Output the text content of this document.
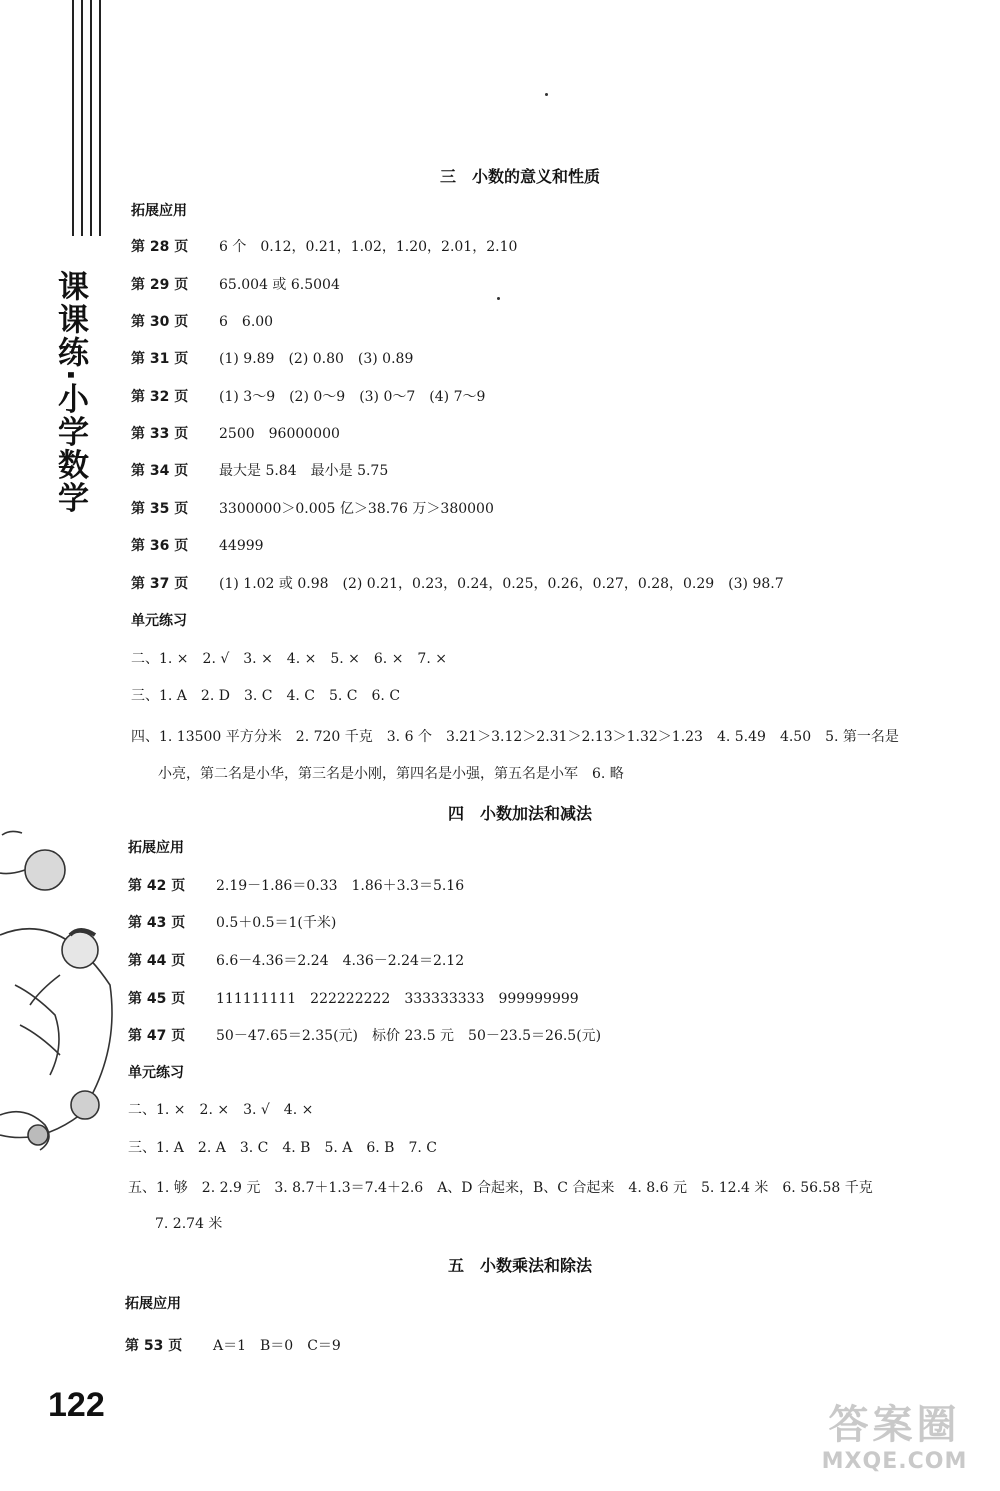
课课练·小学数学
三　小数的意义和性质
拓展应用
第 28 页 6 个　0.12，0.21，1.02，1.20，2.01，2.10
第 29 页 65.004 或 6.5004
第 30 页 6　6.00
第 31 页 (1) 9.89　(2) 0.80　(3) 0.89
第 32 页 (1) 3～9　(2) 0～9　(3) 0～7　(4) 7～9
第 33 页 2500　96000000
第 34 页 最大是 5.84　最小是 5.75
第 35 页 3300000＞0.005 亿＞38.76 万＞380000
第 36 页 44999
第 37 页 (1) 1.02 或 0.98　(2) 0.21，0.23，0.24，0.25，0.26，0.27，0.28，0.29　(3) 98.7
单元练习
二、1. ×　2. √　3. ×　4. ×　5. ×　6. ×　7. ×
三、1. A　2. D　3. C　4. C　5. C　6. C
四、1. 13500 平方分米　2. 720 千克　3. 6 个　3.21＞3.12＞2.31＞2.13＞1.32＞1.23　4. 5.49　4.50　5. 第一名是
小亮，第二名是小华，第三名是小刚，第四名是小强，第五名是小军　6. 略
四　小数加法和减法
拓展应用
第 42 页 2.19－1.86＝0.33　1.86＋3.3＝5.16
第 43 页 0.5＋0.5＝1(千米)
第 44 页 6.6－4.36＝2.24　4.36－2.24＝2.12
第 45 页 111111111　222222222　333333333　999999999
第 47 页 50－47.65＝2.35(元)　标价 23.5 元　50－23.5＝26.5(元)
单元练习
二、1. ×　2. ×　3. √　4. ×
三、1. A　2. A　3. C　4. B　5. A　6. B　7. C
五、1. 够　2. 2.9 元　3. 8.7＋1.3＝7.4＋2.6　A、D 合起来，B、C 合起来　4. 8.6 元　5. 12.4 米　6. 56.58 千克
7. 2.74 米
五　小数乘法和除法
拓展应用
第 53 页 A＝1　B＝0　C＝9
122	答案圈
MXQE.COM
